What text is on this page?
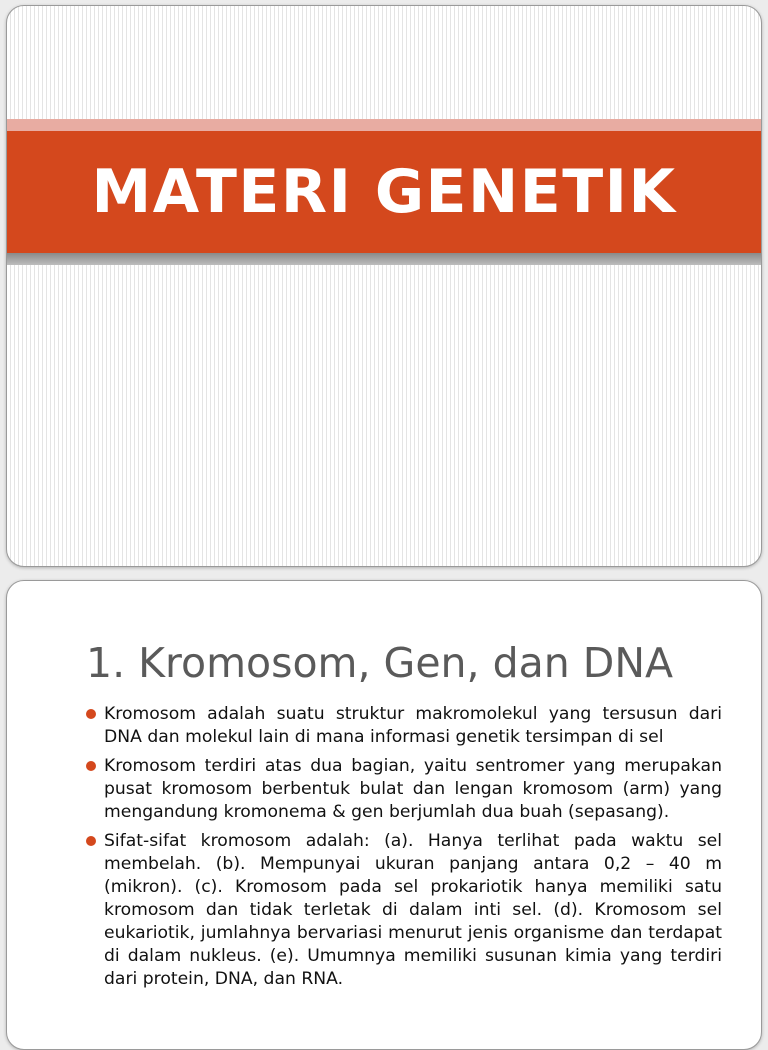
MATERI GENETIK
1. Kromosom, Gen, dan DNA
Kromosom adalah suatu struktur makromolekul yang tersusun dari DNA dan molekul lain di mana informasi genetik tersimpan di sel
Kromosom terdiri atas dua bagian, yaitu sentromer yang merupakan pusat kromosom berbentuk bulat dan lengan kromosom (arm) yang mengandung kromonema & gen berjumlah dua buah (sepasang).
Sifat-sifat kromosom adalah: (a). Hanya terlihat pada waktu sel membelah. (b). Mempunyai ukuran panjang antara 0,2 – 40 m (mikron). (c). Kromosom pada sel prokariotik hanya memiliki satu kromosom dan tidak terletak di dalam inti sel. (d). Kromosom sel eukariotik, jumlahnya bervariasi menurut jenis organisme dan terdapat di dalam nukleus. (e). Umumnya memiliki susunan kimia yang terdiri dari protein, DNA, dan RNA.
